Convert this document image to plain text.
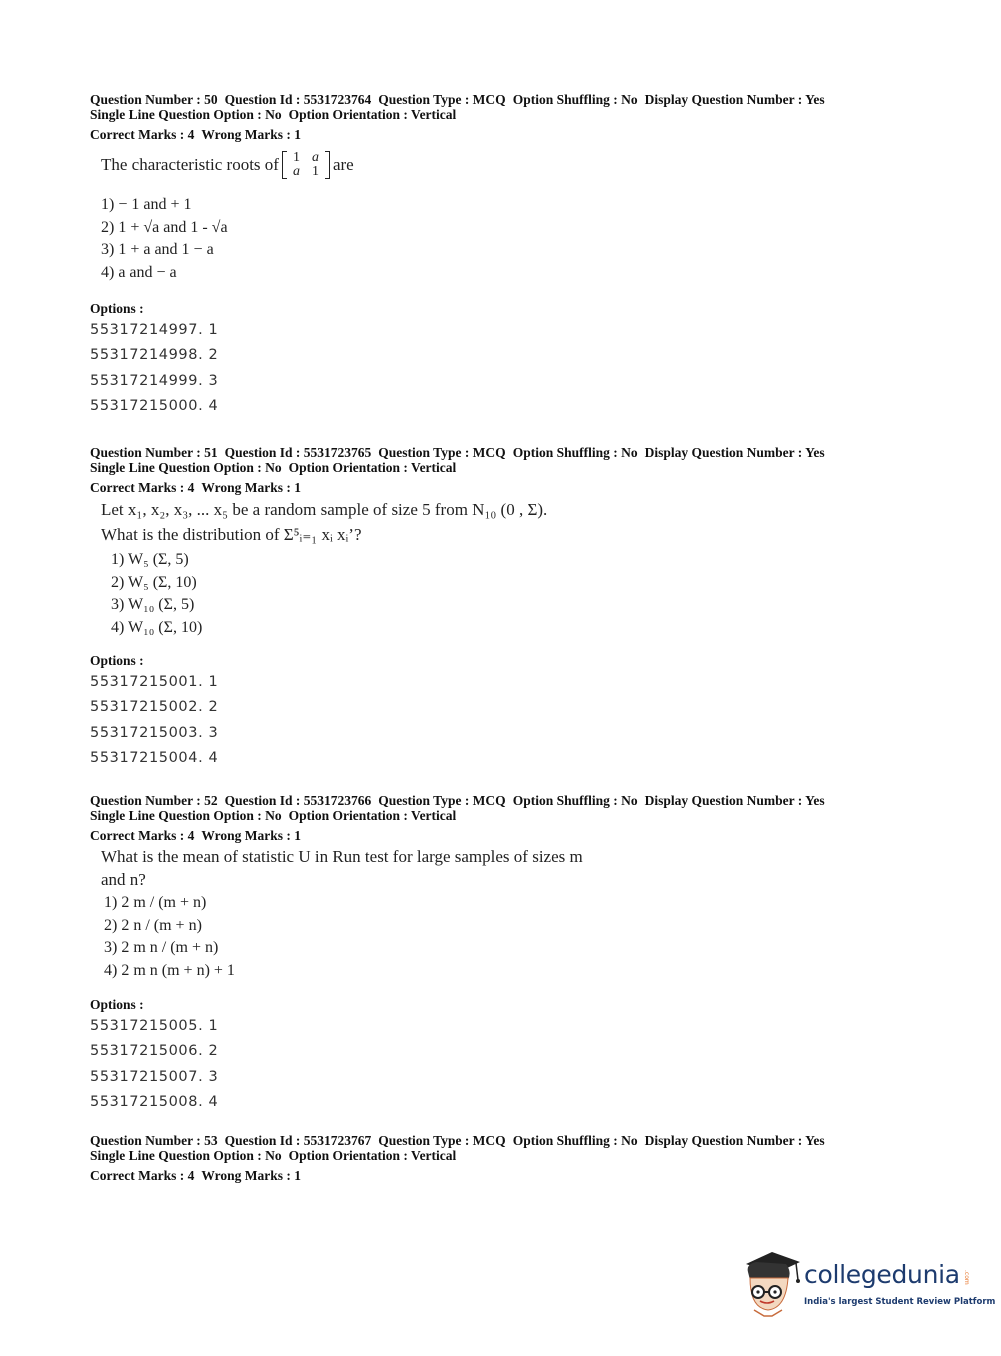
Question Number : 50 Question Id : 5531723764 Question Type : MCQ Option Shuffling : No Display Question Number : Yes
Single Line Question Option : No Option Orientation : Vertical
Correct Marks : 4 Wrong Marks : 1
The characteristic roots of 1	a
a	1 are
1) − 1 and + 1
2) 1 + √a and 1 - √a
3) 1 + a and 1 − a
4) a and − a
Options :
55317214997. 1
55317214998. 2
55317214999. 3
55317215000. 4
Question Number : 51 Question Id : 5531723765 Question Type : MCQ Option Shuffling : No Display Question Number : Yes
Single Line Question Option : No Option Orientation : Vertical
Correct Marks : 4 Wrong Marks : 1
Let x₁, x₂, x₃, ... x₅ be a random sample of size 5 from N₁₀ (0 , Σ).
What is the distribution of Σ⁵ᵢ₌₁ xᵢ xᵢ’?
1) W₅ (Σ, 5)
2) W₅ (Σ, 10)
3) W₁₀ (Σ, 5)
4) W₁₀ (Σ, 10)
Options :
55317215001. 1
55317215002. 2
55317215003. 3
55317215004. 4
Question Number : 52 Question Id : 5531723766 Question Type : MCQ Option Shuffling : No Display Question Number : Yes
Single Line Question Option : No Option Orientation : Vertical
Correct Marks : 4 Wrong Marks : 1
What is the mean of statistic U in Run test for large samples of sizes m
and n?
1) 2 m / (m + n)
2) 2 n / (m + n)
3) 2 m n / (m + n)
4) 2 m n (m + n) + 1
Options :
55317215005. 1
55317215006. 2
55317215007. 3
55317215008. 4
Question Number : 53 Question Id : 5531723767 Question Type : MCQ Option Shuffling : No Display Question Number : Yes
Single Line Question Option : No Option Orientation : Vertical
Correct Marks : 4 Wrong Marks : 1
collegedunia .com
India's largest Student Review Platform
